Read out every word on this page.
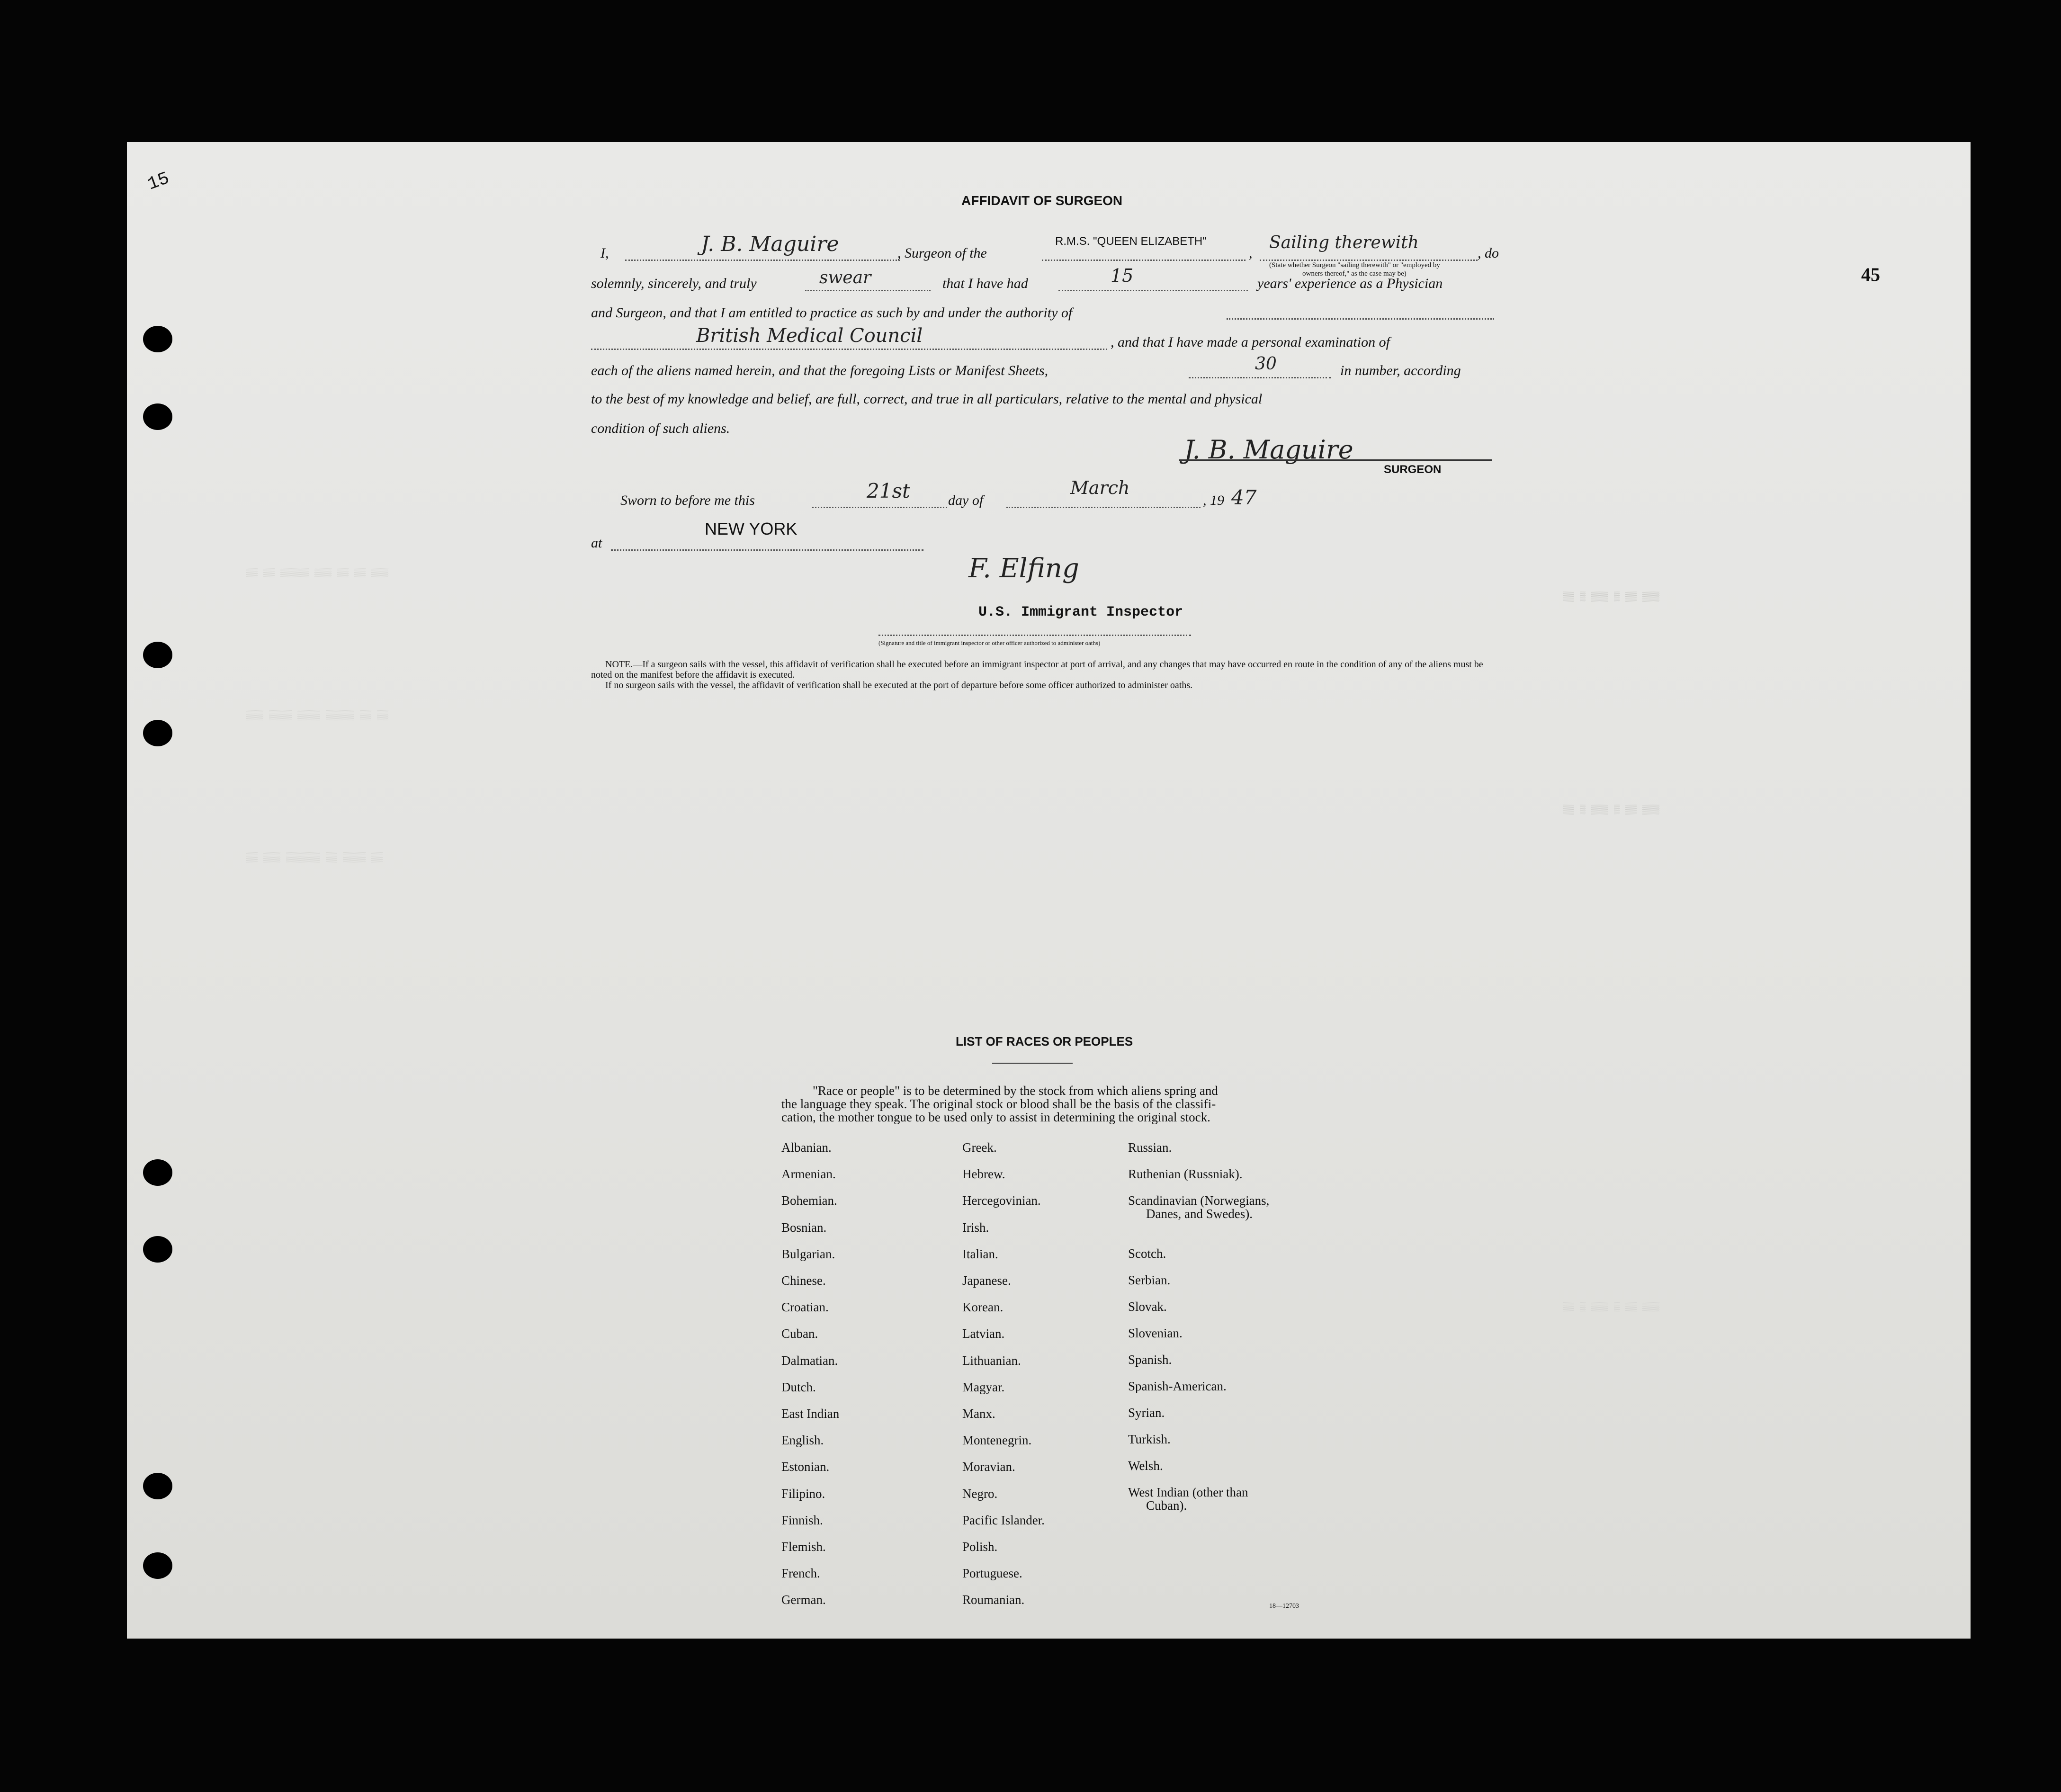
▒▒ ▒▒ ▒▒▒▒▒ ▒▒▒ ▒▒ ▒▒ ▒▒▒
▒▒▒ ▒▒▒▒ ▒▒▒▒ ▒▒▒▒▒ ▒▒ ▒▒
▒▒ ▒▒▒ ▒▒▒▒▒▒ ▒▒ ▒▒▒▒ ▒▒
▒▒ ▒ ▒▒▒ ▒ ▒▒ ▒▒▒
▒▒ ▒ ▒▒▒ ▒ ▒▒ ▒▒▒
▒▒ ▒ ▒▒▒ ▒ ▒▒ ▒▒▒
15
45
AFFIDAVIT OF SURGEON
I,	J. B. Maguire	, Surgeon of the
R.M.S. "QUEEN ELIZABETH"
,
Sailing therewith
(State whether Surgeon "sailing therewith" or "employed by
owners thereof," as the case may be)
, do
solemnly, sincerely, and truly	swear	that I have had	15	years' experience as a Physician
and Surgeon, and that I am entitled to practice as such by and under the authority of
British Medical Council	, and that I have made a personal examination of
each of the aliens named herein, and that the foregoing Lists or Manifest Sheets,	30	in number, according
to the best of my knowledge and belief, are full, correct, and true in all particulars, relative to the mental and physical
condition of such aliens.
J. B. Maguire
SURGEON
Sworn to before me this	21st	day of
March
, 19 47
at
NEW YORK
F. Elfing
U.S. Immigrant Inspector
(Signature and title of immigrant inspector or other officer authorized to administer oaths)
NOTE.—If a surgeon sails with the vessel, this affidavit of verification shall be executed before an immigrant inspector at port of arrival, and any changes that may have occurred en route in the condition of any of the aliens must be noted on the manifest before the affidavit is executed.
If no surgeon sails with the vessel, the affidavit of verification shall be executed at the port of departure before some officer authorized to administer oaths.
LIST OF RACES OR PEOPLES
"Race or people" is to be determined by the stock from which aliens spring and
the language they speak. The original stock or blood shall be the basis of the classifi-
cation, the mother tongue to be used only to assist in determining the original stock.
Albanian.
Armenian.
Bohemian.
Bosnian.
Bulgarian.
Chinese.
Croatian.
Cuban.
Dalmatian.
Dutch.
East Indian
English.
Estonian.
Filipino.
Finnish.
Flemish.
French.
German.
Greek.
Hebrew.
Hercegovinian.
Irish.
Italian.
Japanese.
Korean.
Latvian.
Lithuanian.
Magyar.
Manx.
Montenegrin.
Moravian.
Negro.
Pacific Islander.
Polish.
Portuguese.
Roumanian.
Russian.
Ruthenian (Russniak).
Scandinavian (Norwegians,
Danes, and Swedes).
Scotch.
Serbian.
Slovak.
Slovenian.
Spanish.
Spanish-American.
Syrian.
Turkish.
Welsh.
West Indian (other than
Cuban).
18—12703
